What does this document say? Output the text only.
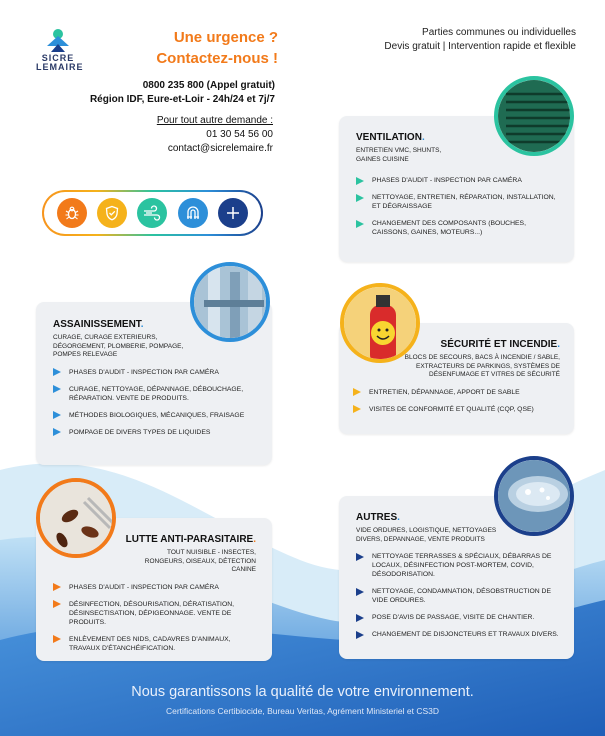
SICRE
LEMAIRE
Une urgence ?
Contactez-nous !
0800 235 800 (Appel gratuit)
Région IDF, Eure-et-Loir - 24h/24 et 7j/7
Pour tout autre demande :
01 30 54 56 00
contact@sicrelemaire.fr
Parties communes ou individuelles
Devis gratuit | Intervention rapide et flexible
VENTILATION.
ENTRETIEN VMC, SHUNTS, GAINES CUISINE
PHASES D'AUDIT - INSPECTION PAR CAMÉRA
NETTOYAGE, ENTRETIEN, RÉPARATION, INSTALLATION, ET DÉGRAISSAGE
CHANGEMENT DES COMPOSANTS (BOUCHES, CAISSONS, GAINES, MOTEURS...)
ASSAINISSEMENT.
CURAGE, CURAGE EXTERIEURS, DÉGORGEMENT, PLOMBERIE, POMPAGE, POMPES RELEVAGE
PHASES D'AUDIT - INSPECTION PAR CAMÉRA
CURAGE, NETTOYAGE, DÉPANNAGE, DÉBOUCHAGE, RÉPARATION. VENTE DE PRODUITS.
MÉTHODES BIOLOGIQUES, MÉCANIQUES, FRAISAGE
POMPAGE DE DIVERS TYPES DE LIQUIDES
SÉCURITÉ ET INCENDIE.
BLOCS DE SECOURS, BACS À INCENDIE / SABLE, EXTRACTEURS DE PARKINGS, SYSTÈMES DE DÉSENFUMAGE ET VITRES DE SÉCURITÉ
ENTRETIEN, DÉPANNAGE, APPORT DE SABLE
VISITES DE CONFORMITÉ ET QUALITÉ (CQP, QSE)
LUTTE ANTI-PARASITAIRE.
TOUT NUISIBLE - INSECTES, RONGEURS, OISEAUX, DÉTECTION CANINE
PHASES D'AUDIT - INSPECTION PAR CAMÉRA
DÉSINFECTION, DÉSOURISATION, DÉRATISATION, DÉSINSECTISATION, DÉPIGEONNAGE. VENTE DE PRODUITS.
ENLÈVEMENT DES NIDS, CADAVRES D'ANIMAUX, TRAVAUX D'ÉTANCHÉIFICATION.
AUTRES.
VIDE ORDURES, LOGISTIQUE, NETTOYAGES DIVERS, DEPANNAGE, VENTE PRODUITS
NETTOYAGE TERRASSES & SPÉCIAUX, DÉBARRAS DE LOCAUX, DÉSINFECTION POST-MORTEM, COVID, DÉSODORISATION.
NETTOYAGE, CONDAMNATION, DÉSOBSTRUCTION DE VIDE ORDURES.
POSE D'AVIS DE PASSAGE, VISITE DE CHANTIER.
CHANGEMENT DE DISJONCTEURS ET TRAVAUX DIVERS.
Nous garantissons la qualité de votre environnement.
Certifications Certibiocide, Bureau Veritas, Agrément Ministeriel et CS3D
